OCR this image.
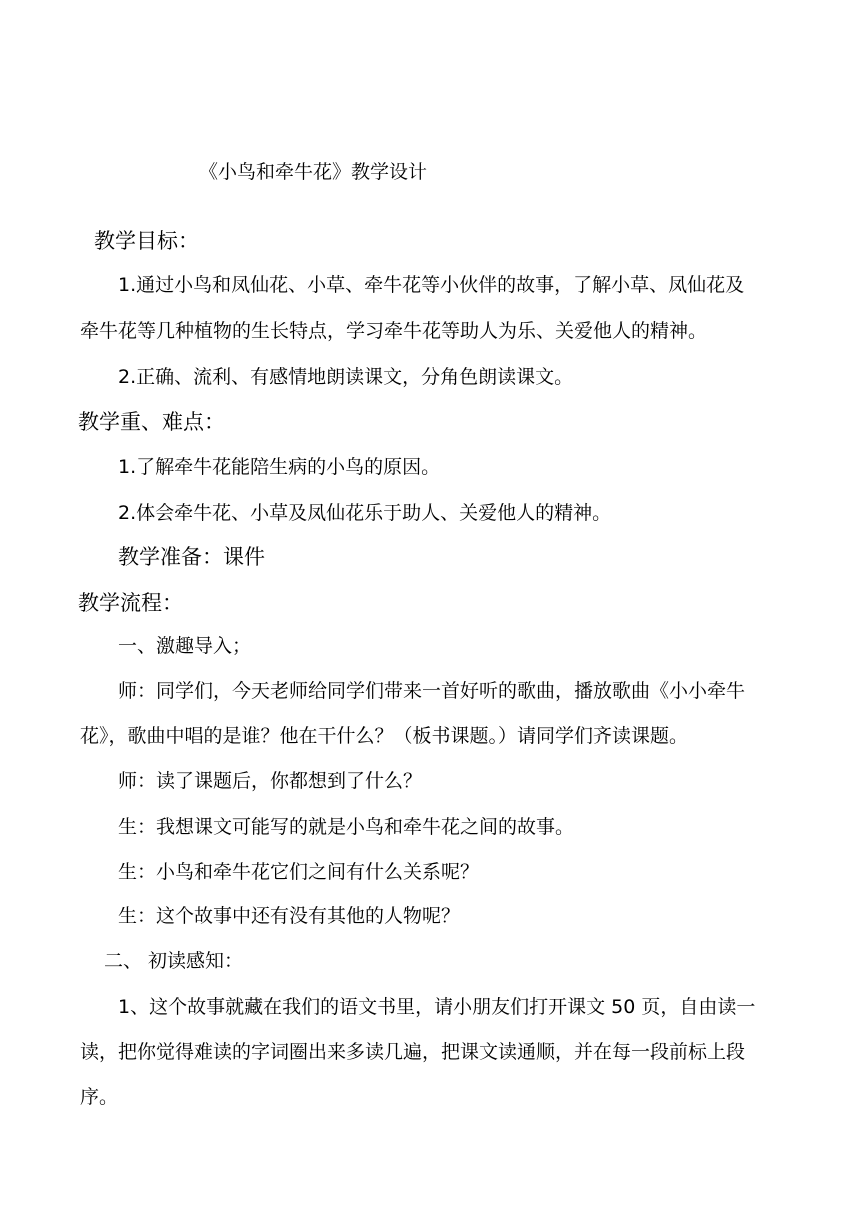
《小鸟和牵牛花》教学设计
教学目标：
1.通过小鸟和凤仙花、小草、牵牛花等小伙伴的故事，了解小草、凤仙花及
牵牛花等几种植物的生长特点，学习牵牛花等助人为乐、关爱他人的精神。
2.正确、流利、有感情地朗读课文，分角色朗读课文。
教学重、难点：
1.了解牵牛花能陪生病的小鸟的原因。
2.体会牵牛花、小草及凤仙花乐于助人、关爱他人的精神。
教学准备：课件
教学流程：
一、激趣导入；
师：同学们，今天老师给同学们带来一首好听的歌曲，播放歌曲《小小牵牛
花》，歌曲中唱的是谁？他在干什么？（板书课题。）请同学们齐读课题。
师：读了课题后，你都想到了什么？
生：我想课文可能写的就是小鸟和牵牛花之间的故事。
生：小鸟和牵牛花它们之间有什么关系呢？
生：这个故事中还有没有其他的人物呢？
二、 初读感知：
1、这个故事就藏在我们的语文书里，请小朋友们打开课文 50 页，自由读一
读，把你觉得难读的字词圈出来多读几遍，把课文读通顺，并在每一段前标上段
序。
